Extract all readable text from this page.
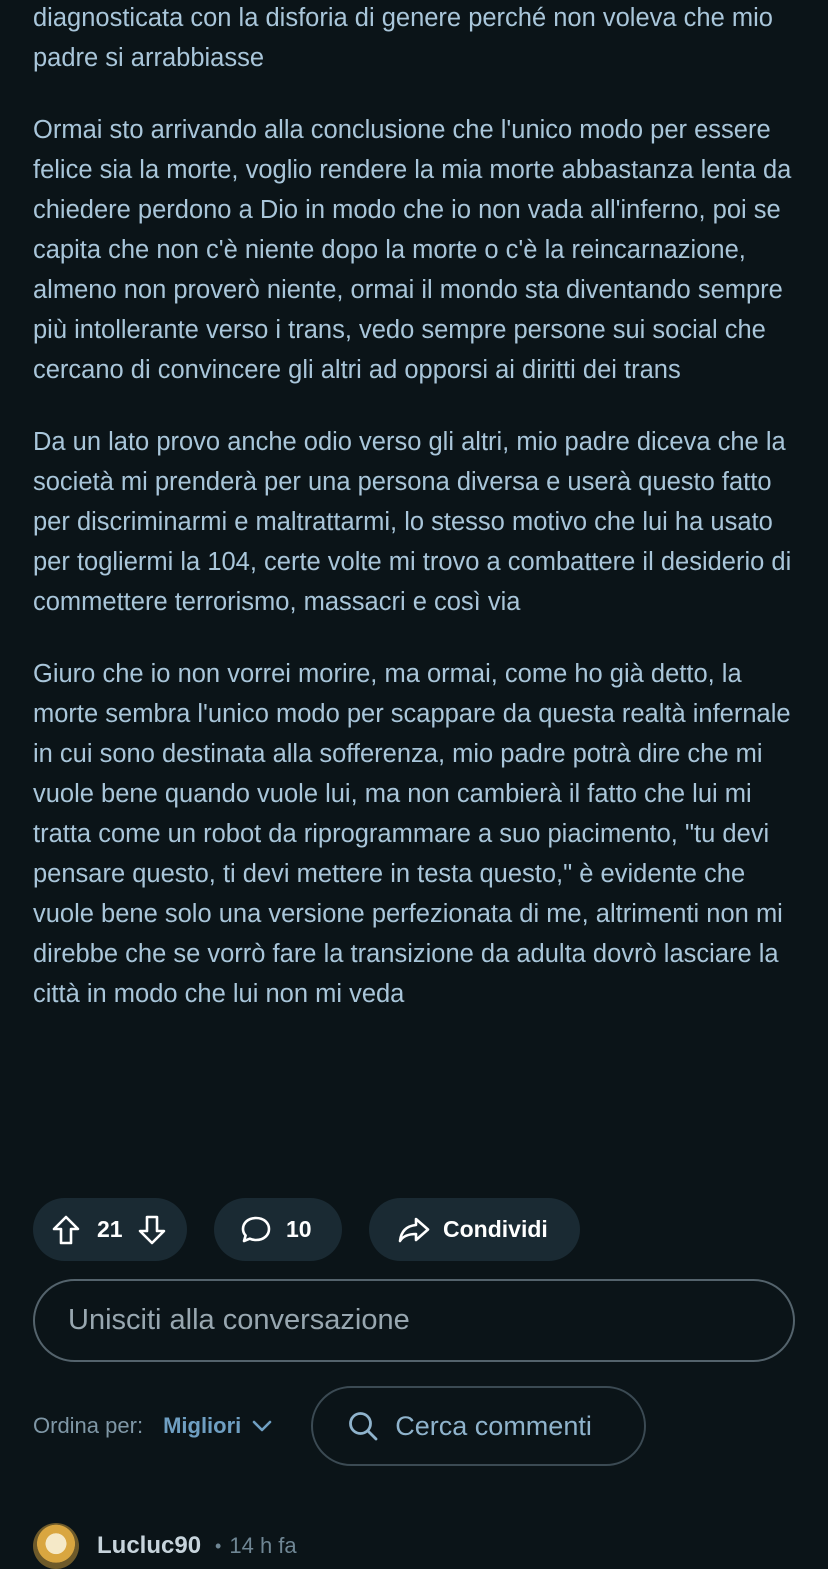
diagnosticata con la disforia di genere perché non voleva che mio padre si arrabbiasse

Ormai sto arrivando alla conclusione che l'unico modo per essere felice sia la morte, voglio rendere la mia morte abbastanza lenta da chiedere perdono a Dio in modo che io non vada all'inferno, poi se capita che non c'è niente dopo la morte o c'è la reincarnazione, almeno non proverò niente, ormai il mondo sta diventando sempre più intollerante verso i trans, vedo sempre persone sui social che cercano di convincere gli altri ad opporsi ai diritti dei trans

Da un lato provo anche odio verso gli altri, mio padre diceva che la società mi prenderà per una persona diversa e userà questo fatto per discriminarmi e maltrattarmi, lo stesso motivo che lui ha usato per togliermi la 104, certe volte mi trovo a combattere il desiderio di commettere terrorismo, massacri e così via

Giuro che io non vorrei morire, ma ormai, come ho già detto, la morte sembra l'unico modo per scappare da questa realtà infernale in cui sono destinata alla sofferenza, mio padre potrà dire che mi vuole bene quando vuole lui, ma non cambierà il fatto che lui mi tratta come un robot da riprogrammare a suo piacimento, "tu devi pensare questo, ti devi mettere in testa questo," è evidente che vuole bene solo una versione perfezionata di me, altrimenti non mi direbbe che se vorrò fare la transizione da adulta dovrò lasciare la città in modo che lui non mi veda

21	10	Condividi
Unisciti alla conversazione
Ordina per: Migliori	Cerca commenti
Lucluc90 • 14 h fa
